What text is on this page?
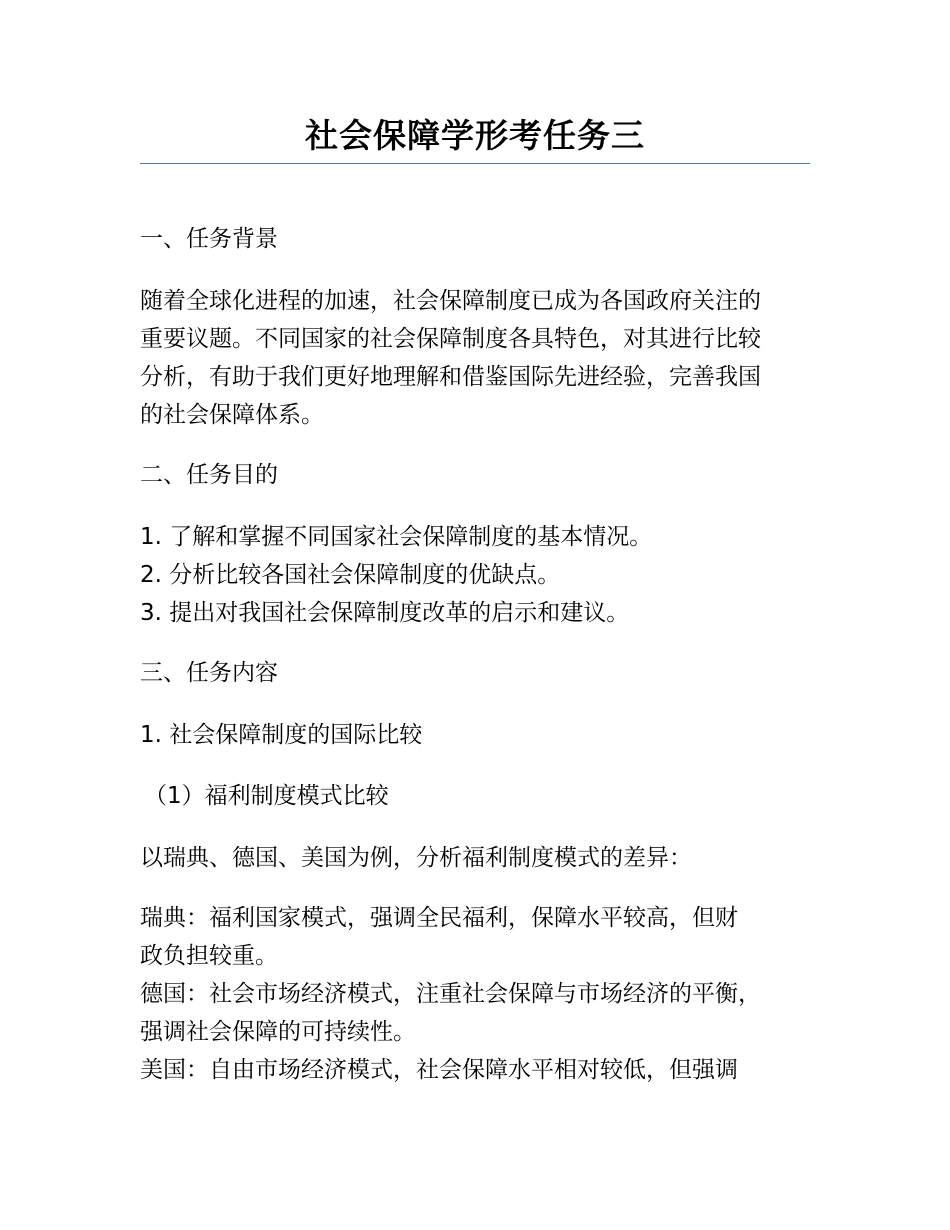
社会保障学形考任务三
一、任务背景
随着全球化进程的加速，社会保障制度已成为各国政府关注的
重要议题。不同国家的社会保障制度各具特色，对其进行比较
分析，有助于我们更好地理解和借鉴国际先进经验，完善我国
的社会保障体系。
二、任务目的
1. 了解和掌握不同国家社会保障制度的基本情况。
2. 分析比较各国社会保障制度的优缺点。
3. 提出对我国社会保障制度改革的启示和建议。
三、任务内容
1. 社会保障制度的国际比较
（1）福利制度模式比较
以瑞典、德国、美国为例，分析福利制度模式的差异：
瑞典：福利国家模式，强调全民福利，保障水平较高，但财
政负担较重。
德国：社会市场经济模式，注重社会保障与市场经济的平衡，
强调社会保障的可持续性。
美国：自由市场经济模式，社会保障水平相对较低，但强调
